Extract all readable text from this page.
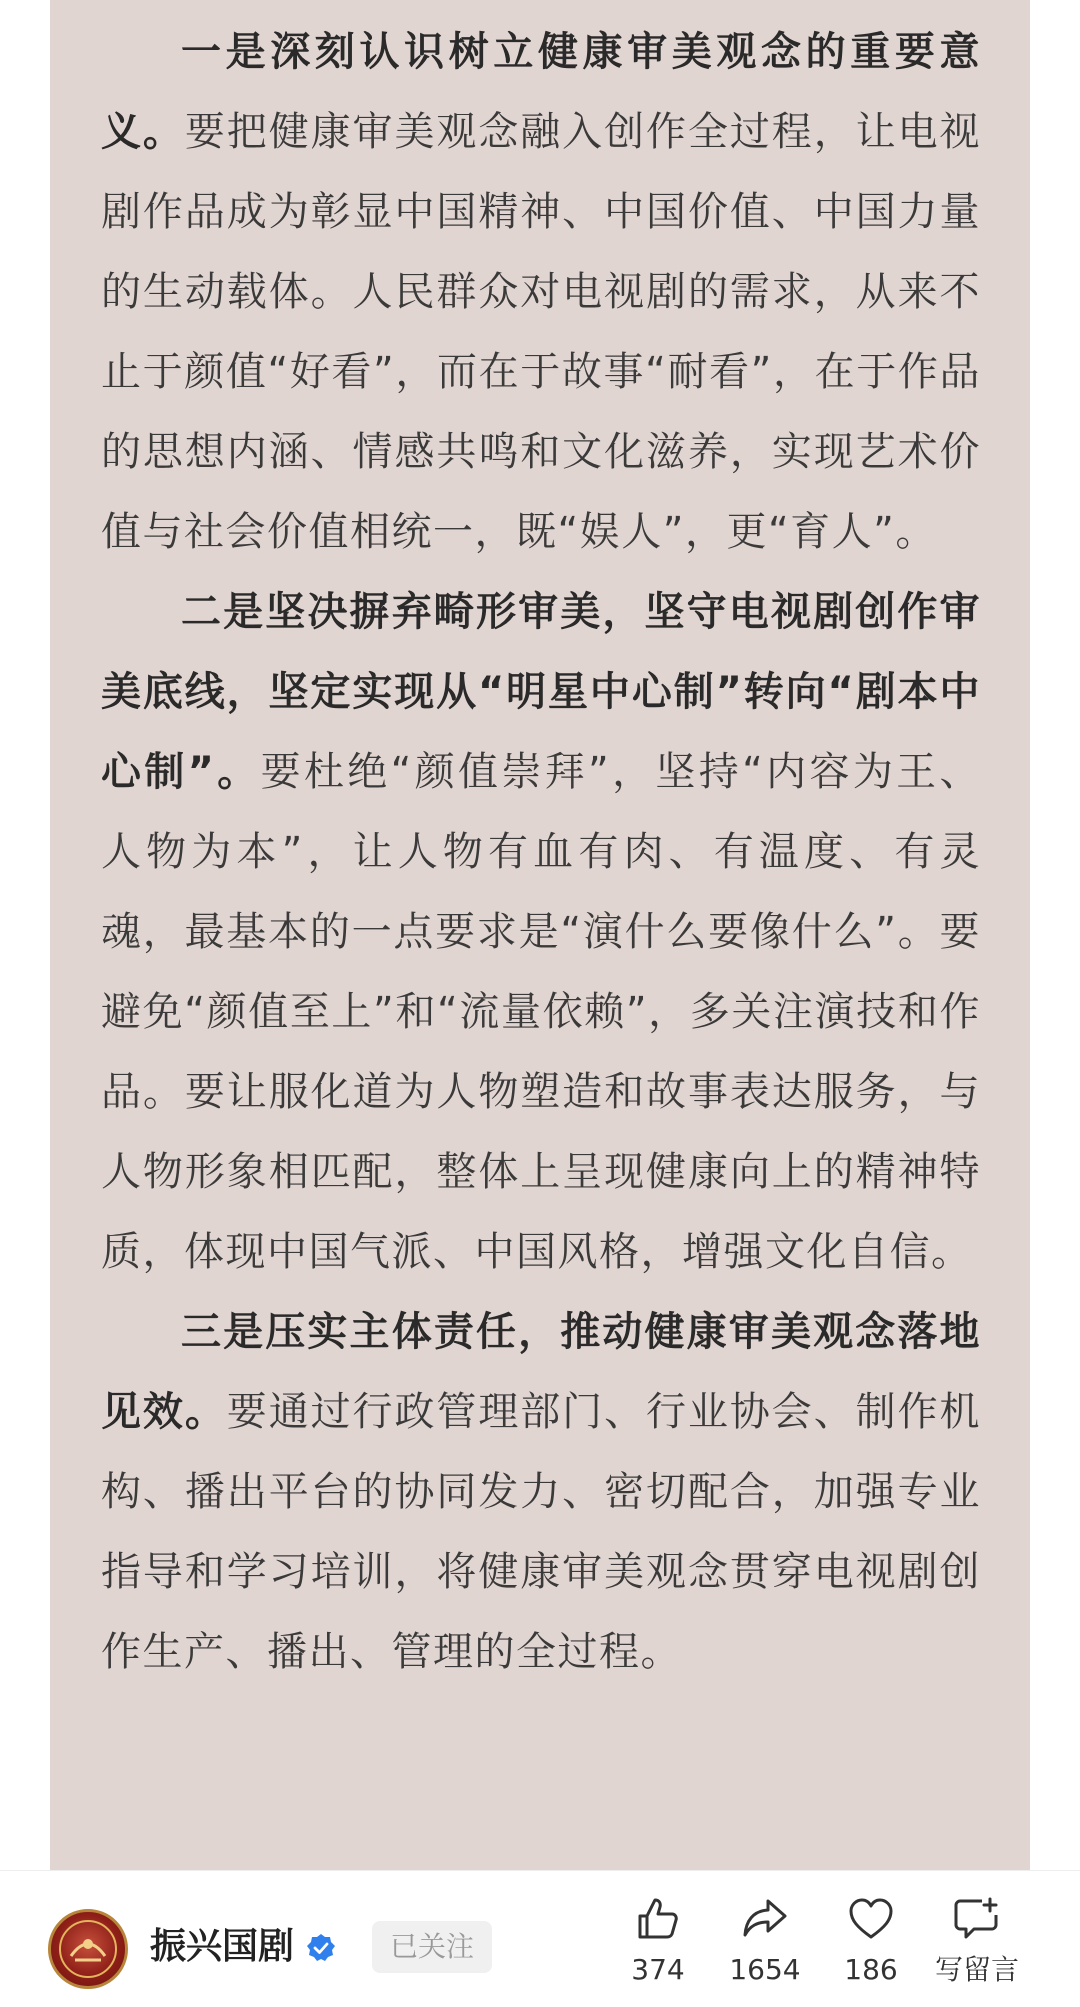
一是深刻认识树立健康审美观念的重要意义。要把健康审美观念融入创作全过程，让电视剧作品成为彰显中国精神、中国价值、中国力量的生动载体。人民群众对电视剧的需求，从来不止于颜值“好看”，而在于故事“耐看”，在于作品的思想内涵、情感共鸣和文化滋养，实现艺术价值与社会价值相统一，既“娱人”，更“育人”。

二是坚决摒弃畸形审美，坚守电视剧创作审美底线，坚定实现从“明星中心制”转向“剧本中心制”。要杜绝“颜值崇拜”，坚持“内容为王、人物为本”，让人物有血有肉、有温度、有灵魂，最基本的一点要求是“演什么要像什么”。要避免“颜值至上”和“流量依赖”，多关注演技和作品。要让服化道为人物塑造和故事表达服务，与人物形象相匹配，整体上呈现健康向上的精神特质，体现中国气派、中国风格，增强文化自信。

三是压实主体责任，推动健康审美观念落地见效。要通过行政管理部门、行业协会、制作机构、播出平台的协同发力、密切配合，加强专业指导和学习培训，将健康审美观念贯穿电视剧创作生产、播出、管理的全过程。

振兴国剧	已关注
374	1654	186	写留言
